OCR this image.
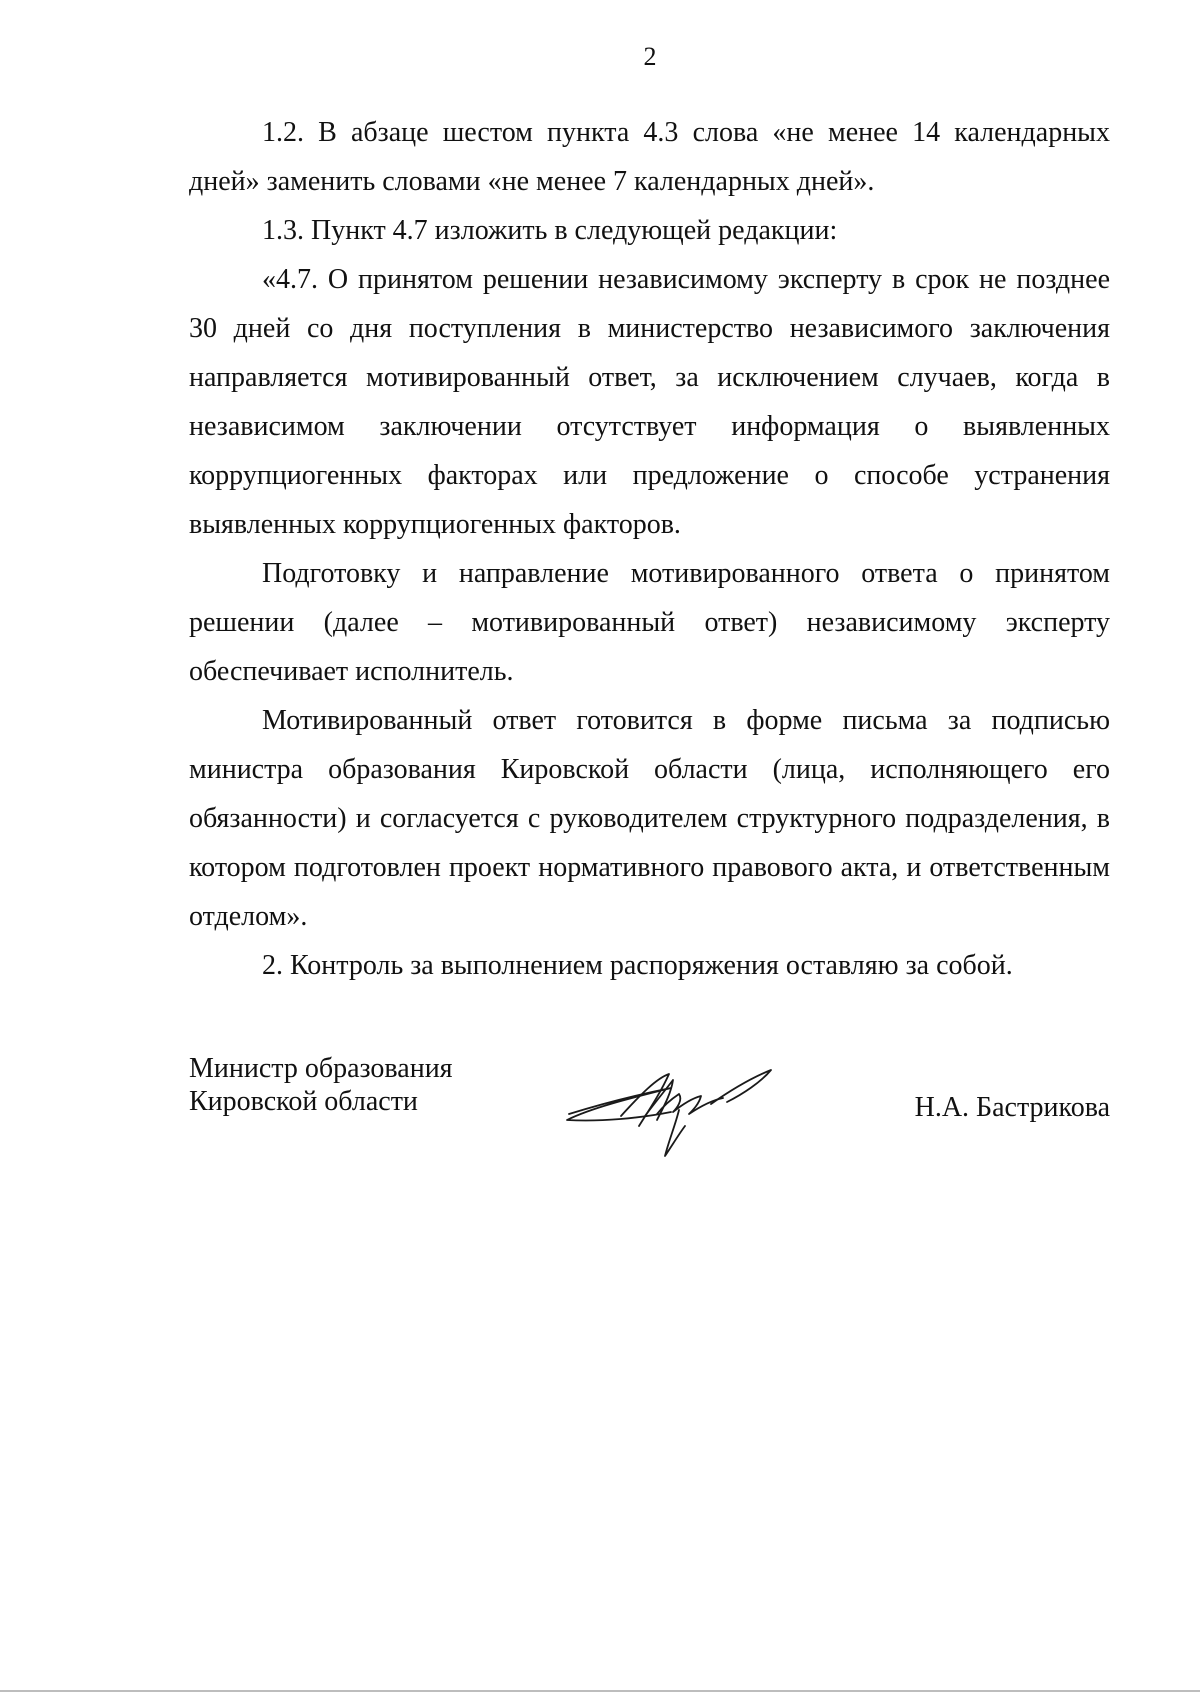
2

1.2. В абзаце шестом пункта 4.3 слова «не менее 14 календарных дней» заменить словами «не менее 7 календарных дней».

1.3. Пункт 4.7 изложить в следующей редакции:

«4.7. О принятом решении независимому эксперту в срок не позднее 30 дней со дня поступления в министерство независимого заключения направляется мотивированный ответ, за исключением случаев, когда в независимом заключении отсутствует информация о выявленных коррупциогенных факторах или предложение о способе устранения выявленных коррупциогенных факторов.

Подготовку и направление мотивированного ответа о принятом решении (далее – мотивированный ответ) независимому эксперту обеспечивает исполнитель.

Мотивированный ответ готовится в форме письма за подписью министра образования Кировской области (лица, исполняющего его обязанности) и согласуется с руководителем структурного подразделения, в котором подготовлен проект нормативного правового акта, и ответственным отделом».

2. Контроль за выполнением распоряжения оставляю за собой.

Министр образования
Кировской области	Н.А. Бастрикова
